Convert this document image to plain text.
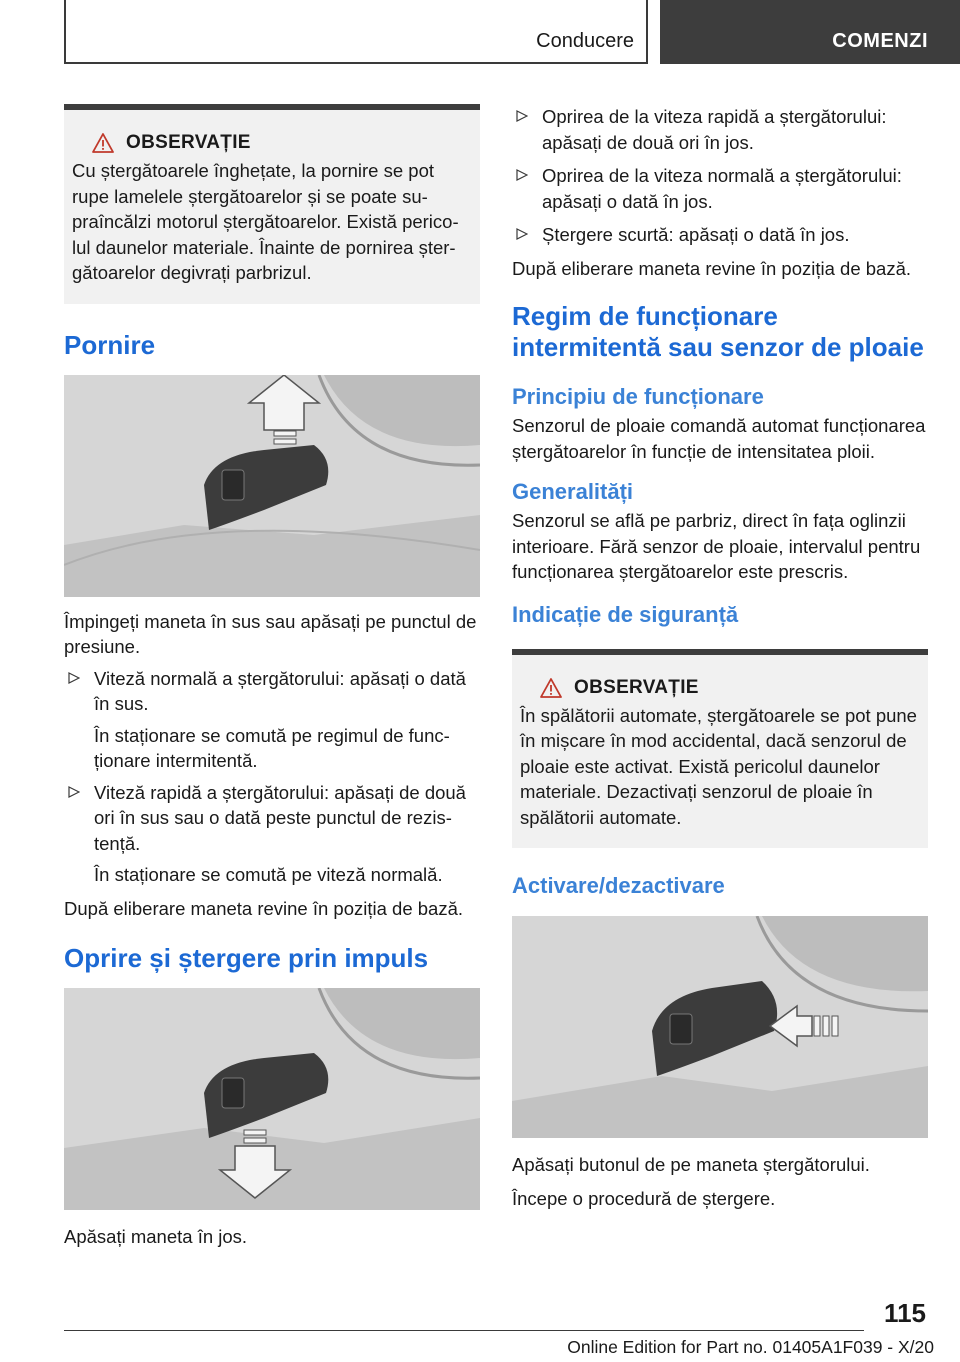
Conducere	COMENZI
OBSERVAȚIE

Cu ștergătoarele înghețate, la pornire se pot rupe lamelele ștergătoarelor și se poate supraîncălzi motorul ștergătoarelor. Există pericolul daunelor materiale. Înainte de pornirea ștergătoarelor degivrați parbrizul.

Pornire

Împingeți maneta în sus sau apăsați pe punctul de presiune.

Viteză normală a ștergătorului: apăsați o dată în sus.
În staționare se comută pe regimul de funcționare intermitentă.
Viteză rapidă a ștergătorului: apăsați de două ori în sus sau o dată peste punctul de rezistență.
În staționare se comută pe viteză normală.

După eliberare maneta revine în poziția de bază.

Oprire și ștergere prin impuls

Apăsați maneta în jos.

Oprirea de la viteza rapidă a ștergătorului: apăsați de două ori în jos.
Oprirea de la viteza normală a ștergătorului: apăsați o dată în jos.
Ștergere scurtă: apăsați o dată în jos.

După eliberare maneta revine în poziția de bază.

Regim de funcționare intermitentă sau senzor de ploaie
Principiu de funcționare

Senzorul de ploaie comandă automat funcționarea ștergătoarelor în funcție de intensitatea ploii.

Generalități

Senzorul se află pe parbriz, direct în fața oglinzii interioare. Fără senzor de ploaie, intervalul pentru funcționarea ștergătoarelor este prescris.

Indicație de siguranță
OBSERVAȚIE

În spălătorii automate, ștergătoarele se pot pune în mișcare în mod accidental, dacă senzorul de ploaie este activat. Există pericolul daunelor materiale. Dezactivați senzorul de ploaie în spălătorii automate.

Activare/dezactivare

Apăsați butonul de pe maneta ștergătorului.

Începe o procedură de ștergere.

115
Online Edition for Part no. 01405A1F039 - X/20
